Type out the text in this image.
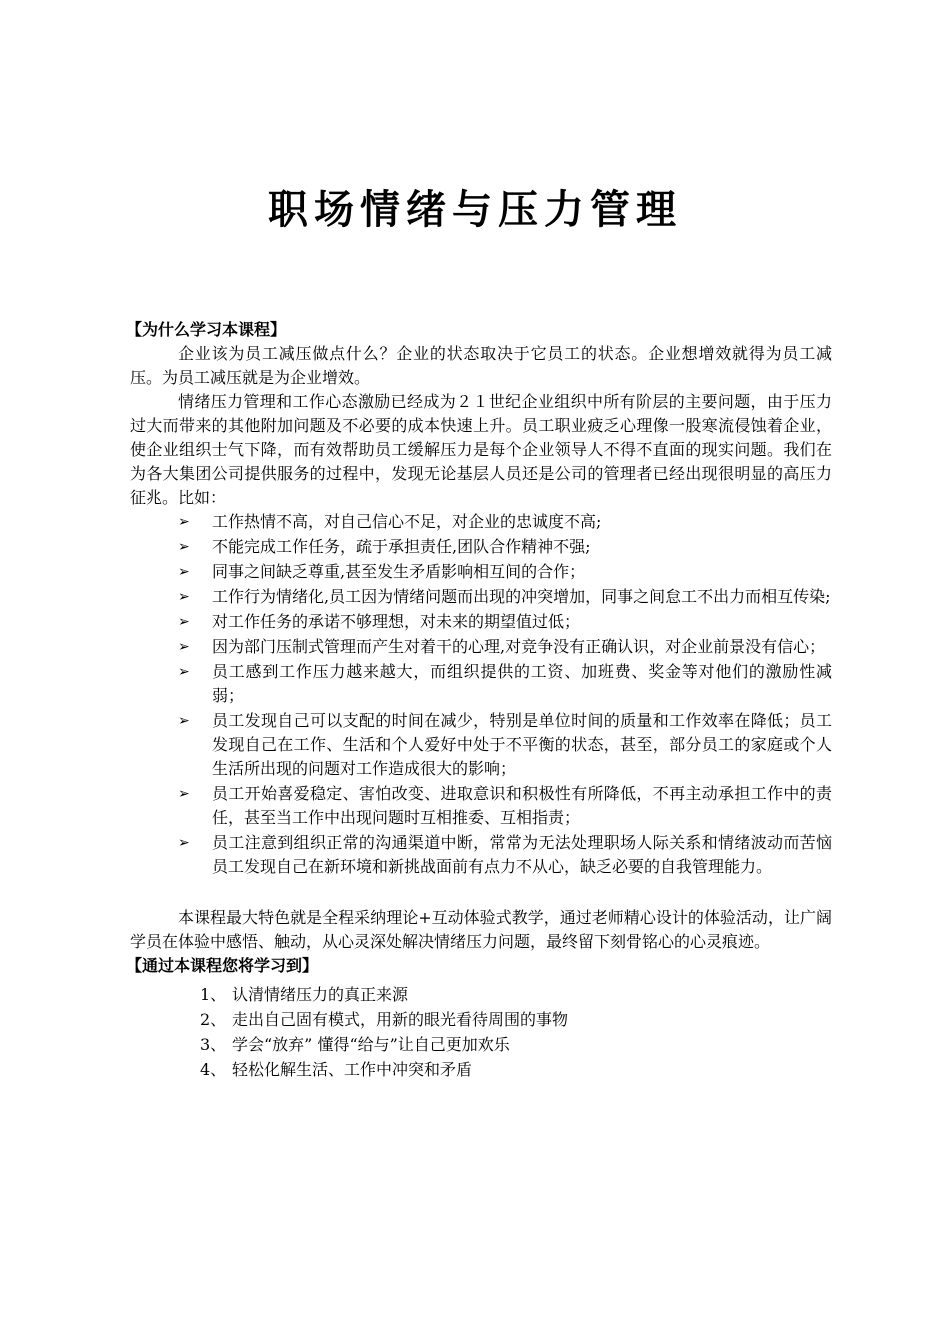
职场情绪与压力管理
【为什么学习本课程】

企业该为员工减压做点什么？企业的状态取决于它员工的状态。企业想增效就得为员工减压。为员工减压就是为企业增效。

情绪压力管理和工作心态激励已经成为２１世纪企业组织中所有阶层的主要问题，由于压力过大而带来的其他附加问题及不必要的成本快速上升。员工职业疲乏心理像一股寒流侵蚀着企业，使企业组织士气下降，而有效帮助员工缓解压力是每个企业领导人不得不直面的现实问题。我们在为各大集团公司提供服务的过程中，发现无论基层人员还是公司的管理者已经出现很明显的高压力征兆。比如：

➢ 工作热情不高，对自己信心不足，对企业的忠诚度不高;
➢ 不能完成工作任务，疏于承担责任,团队合作精神不强;
➢ 同事之间缺乏尊重,甚至发生矛盾影响相互间的合作；
➢ 工作行为情绪化,员工因为情绪问题而出现的冲突增加，同事之间怠工不出力而相互传染;
➢ 对工作任务的承诺不够理想，对未来的期望值过低；
➢ 因为部门压制式管理而产生对着干的心理,对竞争没有正确认识，对企业前景没有信心；
➢ 员工感到工作压力越来越大，而组织提供的工资、加班费、奖金等对他们的激励性减弱；
➢ 员工发现自己可以支配的时间在减少，特别是单位时间的质量和工作效率在降低；员工发现自己在工作、生活和个人爱好中处于不平衡的状态，甚至，部分员工的家庭或个人生活所出现的问题对工作造成很大的影响；
➢ 员工开始喜爱稳定、害怕改变、进取意识和积极性有所降低，不再主动承担工作中的责任，甚至当工作中出现问题时互相推委、互相指责；
➢ 员工注意到组织正常的沟通渠道中断，常常为无法处理职场人际关系和情绪波动而苦恼员工发现自己在新环境和新挑战面前有点力不从心，缺乏必要的自我管理能力。

本课程最大特色就是全程采纳理论+互动体验式教学，通过老师精心设计的体验活动，让广阔学员在体验中感悟、触动，从心灵深处解决情绪压力问题，最终留下刻骨铭心的心灵痕迹。

【通过本课程您将学习到】
1、 认清情绪压力的真正来源
2、 走出自己固有模式，用新的眼光看待周围的事物
3、 学会“放弃” 懂得“给与”让自己更加欢乐
4、 轻松化解生活、工作中冲突和矛盾
